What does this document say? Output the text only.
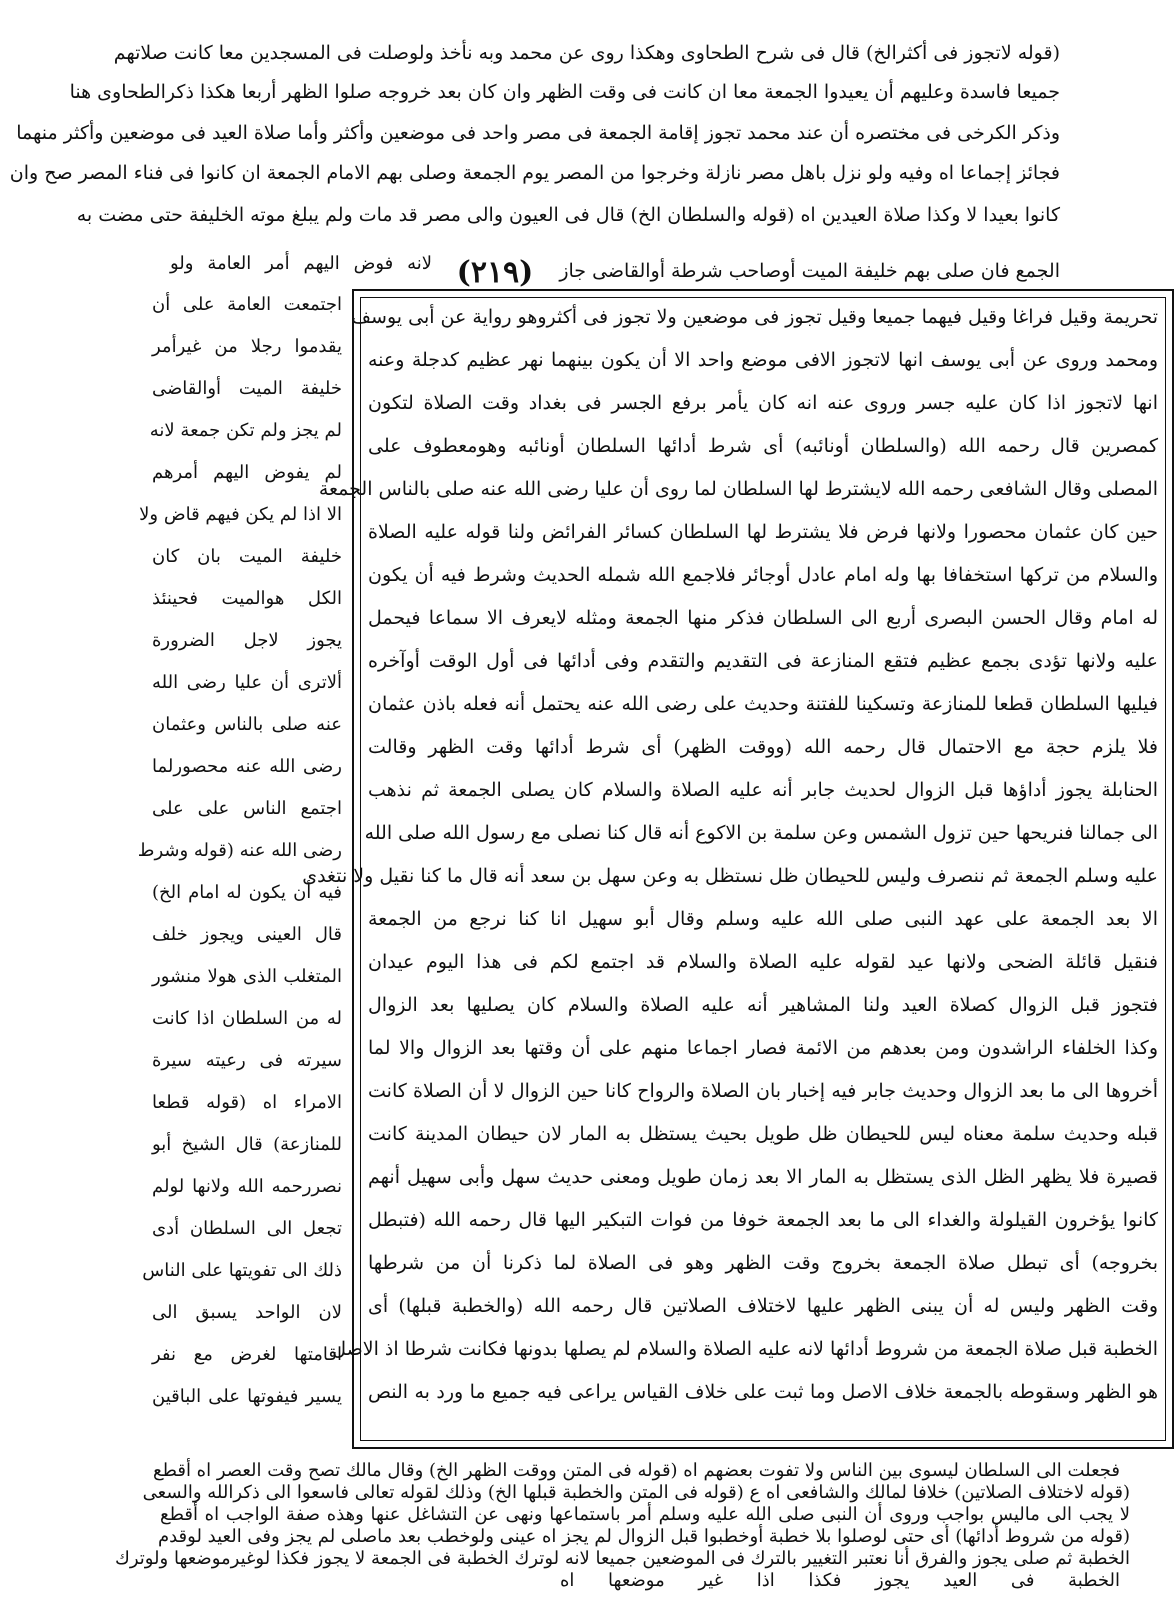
(قوله لاتجوز فى أكثرالخ) قال فى شرح الطحاوى وهكذا روى عن محمد وبه نأخذ ولوصلت فى المسجدين معا كانت صلاتهم
جميعا فاسدة وعليهم أن يعيدوا الجمعة معا ان كانت فى وقت الظهر وان كان بعد خروجه صلوا الظهر أربعا هكذا ذكرالطحاوى هنا
وذكر الكرخى فى مختصره أن عند محمد تجوز إقامة الجمعة فى مصر واحد فى موضعين وأكثر وأما صلاة العيد فى موضعين وأكثر منهما
فجائز إجماعا اه وفيه ولو نزل باهل مصر نازلة وخرجوا من المصر يوم الجمعة وصلى بهم الامام الجمعة ان كانوا فى فناء المصر صح وان
كانوا بعيدا لا وكذا صلاة العيدين اه (قوله والسلطان الخ) قال فى العيون والى مصر قد مات ولم يبلغ موته الخليفة حتى مضت به
الجمع فان صلى بهم خليفة الميت أوصاحب شرطة أوالقاضى جاز
(٢١٩)
لانه فوض اليهم أمر العامة ولو
تحريمة وقيل فراغا وقيل فيهما جميعا وقيل تجوز فى موضعين ولا تجوز فى أكثروهو رواية عن أبى يوسف
ومحمد وروى عن أبى يوسف انها لاتجوز الافى موضع واحد الا أن يكون بينهما نهر عظيم كدجلة وعنه
انها لاتجوز اذا كان عليه جسر وروى عنه انه كان يأمر برفع الجسر فى بغداد وقت الصلاة لتكون
كمصرين قال رحمه الله (والسلطان أونائبه) أى شرط أدائها السلطان أونائبه وهومعطوف على
المصلى وقال الشافعى رحمه الله لايشترط لها السلطان لما روى أن عليا رضى الله عنه صلى بالناس الجمعة
حين كان عثمان محصورا ولانها فرض فلا يشترط لها السلطان كسائر الفرائض ولنا قوله عليه الصلاة
والسلام من تركها استخفافا بها وله امام عادل أوجائر فلاجمع الله شمله الحديث وشرط فيه أن يكون
له امام وقال الحسن البصرى أربع الى السلطان فذكر منها الجمعة ومثله لايعرف الا سماعا فيحمل
عليه ولانها تؤدى بجمع عظيم فتقع المنازعة فى التقديم والتقدم وفى أدائها فى أول الوقت أوآخره
فيليها السلطان قطعا للمنازعة وتسكينا للفتنة وحديث على رضى الله عنه يحتمل أنه فعله باذن عثمان
فلا يلزم حجة مع الاحتمال قال رحمه الله (ووقت الظهر) أى شرط أدائها وقت الظهر وقالت
الحنابلة يجوز أداؤها قبل الزوال لحديث جابر أنه عليه الصلاة والسلام كان يصلى الجمعة ثم نذهب
الى جمالنا فنريحها حين تزول الشمس وعن سلمة بن الاكوع أنه قال كنا نصلى مع رسول الله صلى الله
عليه وسلم الجمعة ثم ننصرف وليس للحيطان ظل نستظل به وعن سهل بن سعد أنه قال ما كنا نقيل ولا نتغدى
الا بعد الجمعة على عهد النبى صلى الله عليه وسلم وقال أبو سهيل انا كنا نرجع من الجمعة
فنقيل قائلة الضحى ولانها عيد لقوله عليه الصلاة والسلام قد اجتمع لكم فى هذا اليوم عيدان
فتجوز قبل الزوال كصلاة العيد ولنا المشاهير أنه عليه الصلاة والسلام كان يصليها بعد الزوال
وكذا الخلفاء الراشدون ومن بعدهم من الائمة فصار اجماعا منهم على أن وقتها بعد الزوال والا لما
أخروها الى ما بعد الزوال وحديث جابر فيه إخبار بان الصلاة والرواح كانا حين الزوال لا أن الصلاة كانت
قبله وحديث سلمة معناه ليس للحيطان ظل طويل بحيث يستظل به المار لان حيطان المدينة كانت
قصيرة فلا يظهر الظل الذى يستظل به المار الا بعد زمان طويل ومعنى حديث سهل وأبى سهيل أنهم
كانوا يؤخرون القيلولة والغداء الى ما بعد الجمعة خوفا من فوات التبكير اليها قال رحمه الله (فتبطل
بخروجه) أى تبطل صلاة الجمعة بخروج وقت الظهر وهو فى الصلاة لما ذكرنا أن من شرطها
وقت الظهر وليس له أن يبنى الظهر عليها لاختلاف الصلاتين قال رحمه الله (والخطبة قبلها) أى
الخطبة قبل صلاة الجمعة من شروط أدائها لانه عليه الصلاة والسلام لم يصلها بدونها فكانت شرطا اذ الاصل
هو الظهر وسقوطه بالجمعة خلاف الاصل وما ثبت على خلاف القياس يراعى فيه جميع ما ورد به النص
اجتمعت العامة على أن
يقدموا رجلا من غيرأمر
خليفة الميت أوالقاضى
لم يجز ولم تكن جمعة لانه
لم يفوض اليهم أمرهم
الا اذا لم يكن فيهم قاض ولا
خليفة الميت بان كان
الكل هوالميت فحينئذ
يجوز لاجل الضرورة
ألاترى أن عليا رضى الله
عنه صلى بالناس وعثمان
رضى الله عنه محصورلما
اجتمع الناس على على
رضى الله عنه (قوله وشرط
فيه أن يكون له امام الخ)
قال العينى ويجوز خلف
المتغلب الذى هولا منشور
له من السلطان اذا كانت
سيرته فى رعيته سيرة
الامراء اه (قوله قطعا
للمنازعة) قال الشيخ أبو
نصررحمه الله ولانها لولم
تجعل الى السلطان أدى
ذلك الى تفويتها على الناس
لان الواحد يسبق الى
اقامتها لغرض مع نفر
يسير فيفوتها على الباقين
فجعلت الى السلطان ليسوى بين الناس ولا تفوت بعضهم اه (قوله فى المتن ووقت الظهر الخ) وقال مالك تصح وقت العصر اه أقطع
(قوله لاختلاف الصلاتين) خلافا لمالك والشافعى اه ع (قوله فى المتن والخطبة قبلها الخ) وذلك لقوله تعالى فاسعوا الى ذكرالله والسعى
لا يجب الى ماليس بواجب وروى أن النبى صلى الله عليه وسلم أمر باستماعها ونهى عن التشاغل عنها وهذه صفة الواجب اه أقطع
(قوله من شروط أدائها) أى حتى لوصلوا بلا خطبة أوخطبوا قبل الزوال لم يجز اه عينى ولوخطب بعد ماصلى لم يجز وفى العيد لوقدم
الخطبة ثم صلى يجوز والفرق أنا نعتبر التغيير بالترك فى الموضعين جميعا لانه لوترك الخطبة فى الجمعة لا يجوز فكذا لوغيرموضعها ولوترك
الخطبة فى العيد يجوز فكذا اذا غير موضعها اه
